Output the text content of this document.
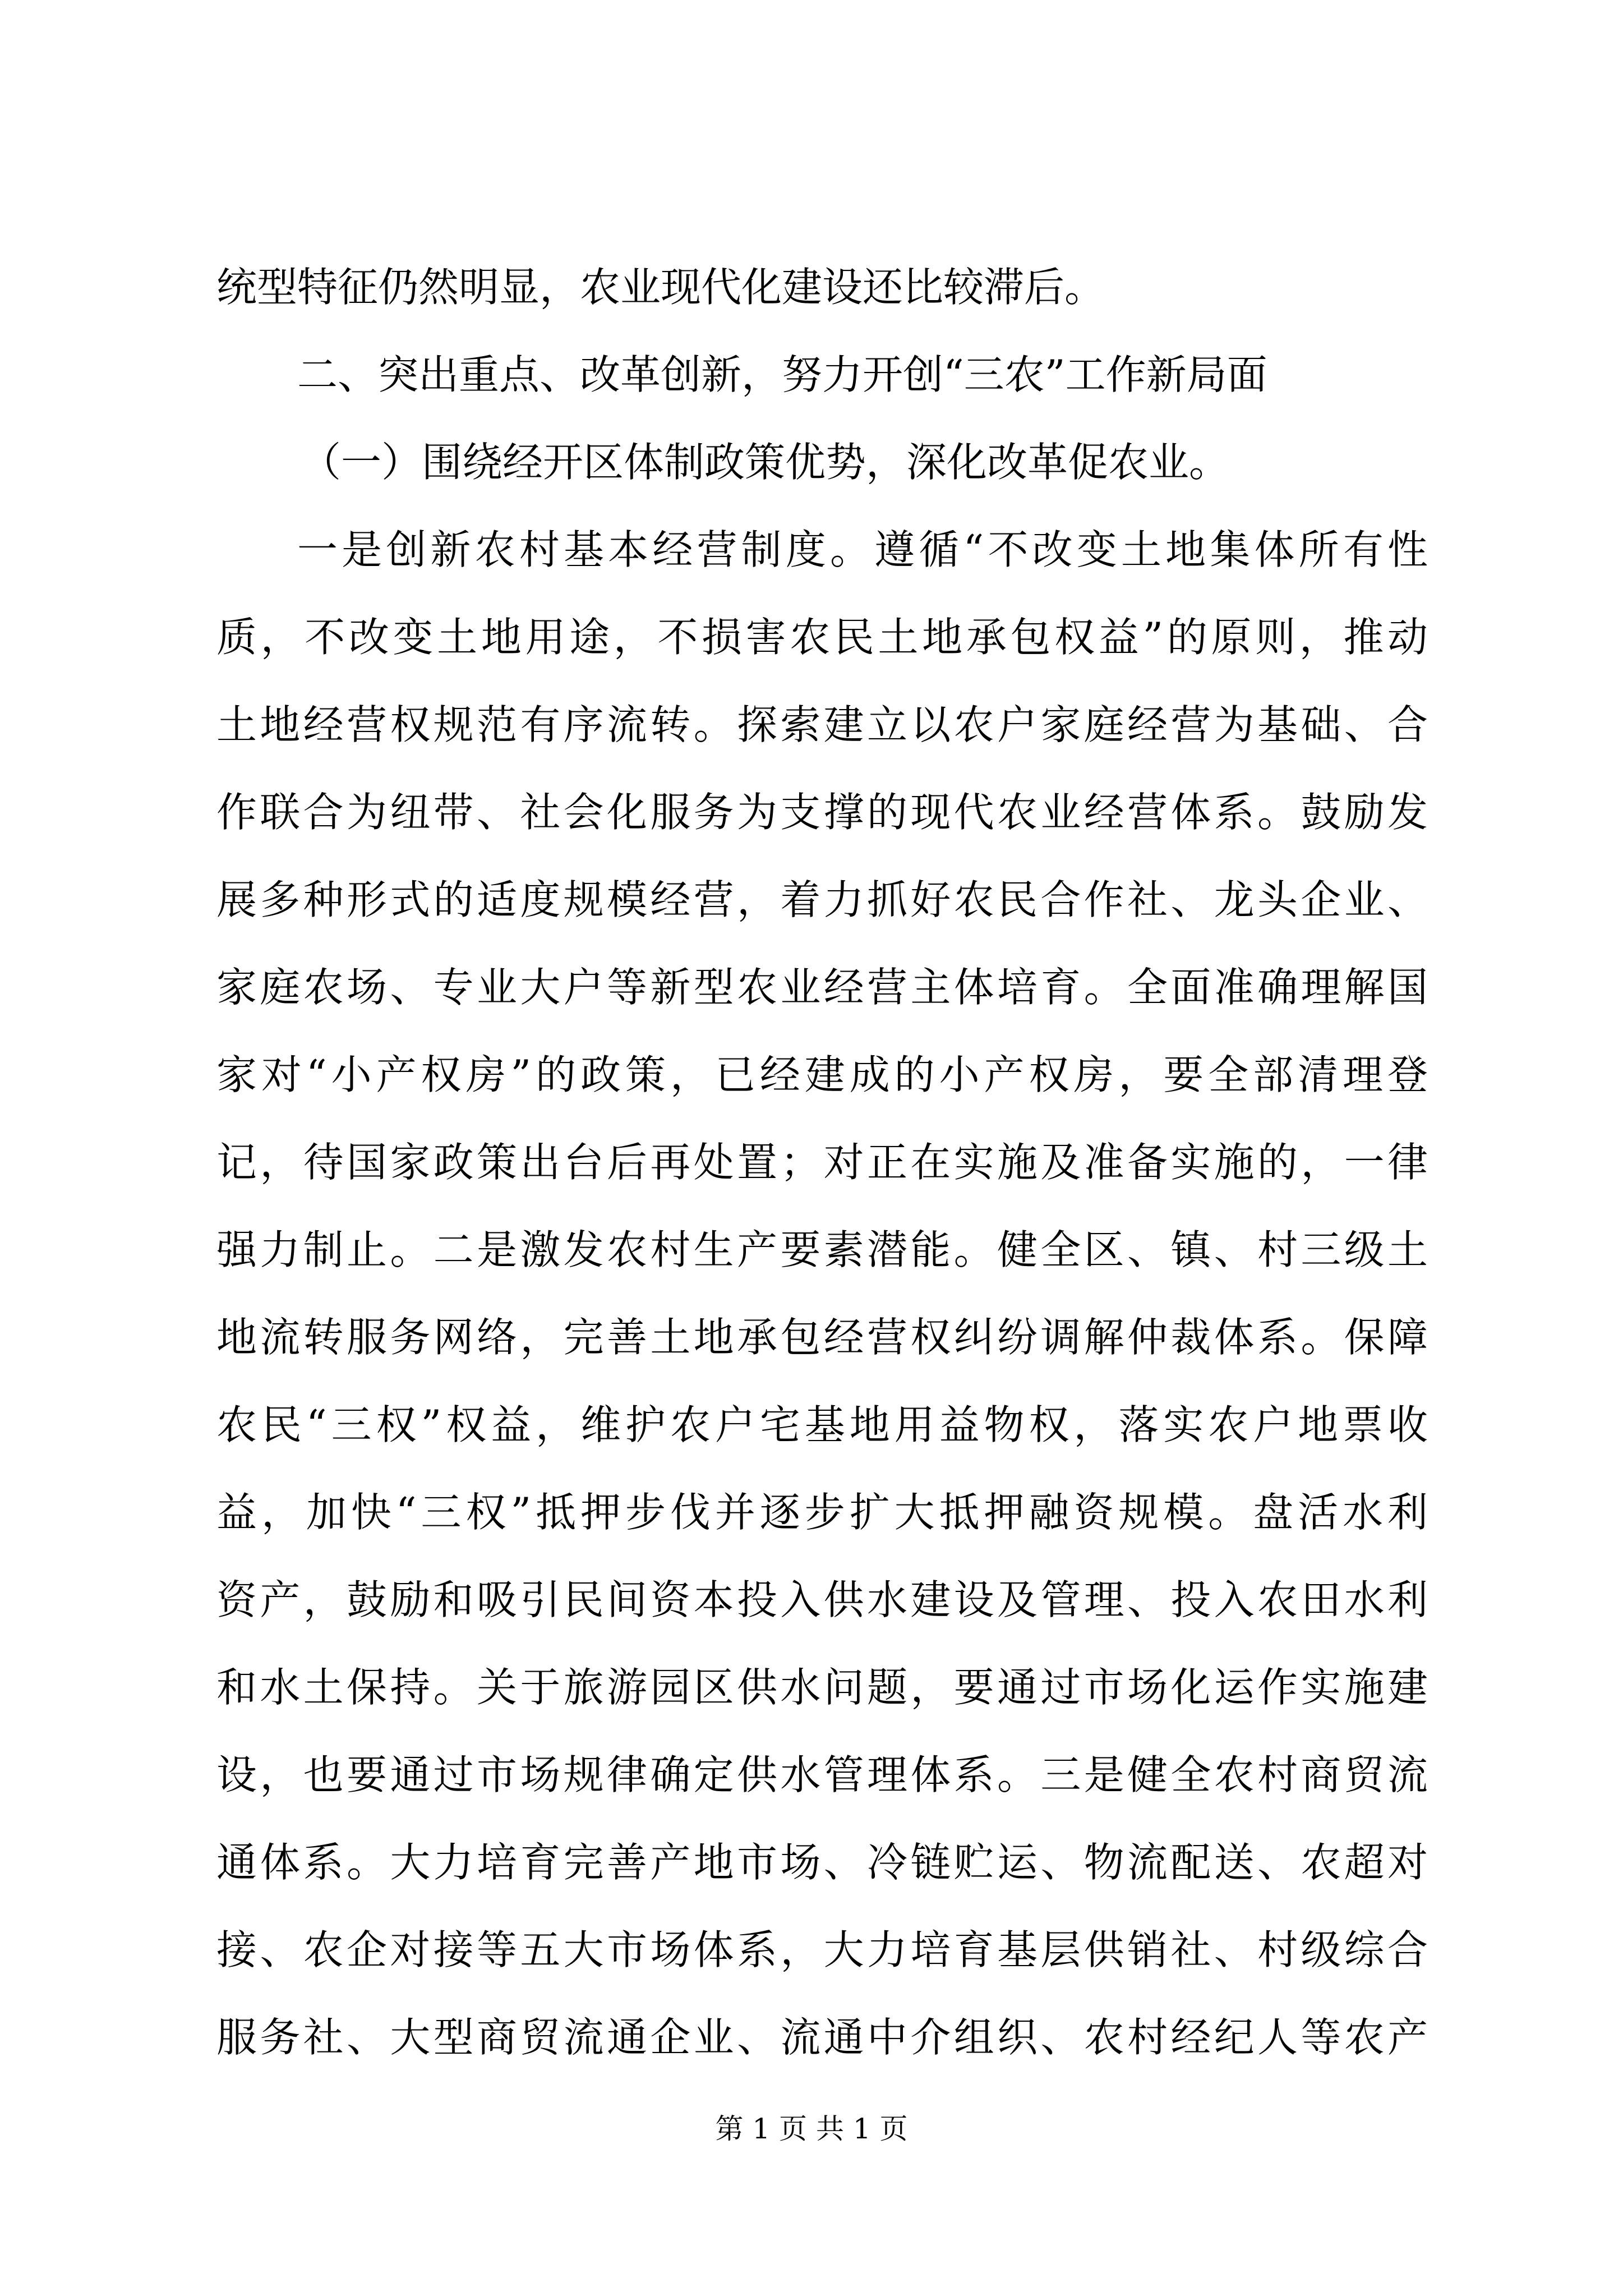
统型特征仍然明显，农业现代化建设还比较滞后。
二、突出重点、改革创新，努力开创“三农”工作新局面
（一）围绕经开区体制政策优势，深化改革促农业。
一是创新农村基本经营制度。遵循“不改变土地集体所有性
质，不改变土地用途，不损害农民土地承包权益”的原则，推动
土地经营权规范有序流转。探索建立以农户家庭经营为基础、合
作联合为纽带、社会化服务为支撑的现代农业经营体系。鼓励发
展多种形式的适度规模经营，着力抓好农民合作社、龙头企业、
家庭农场、专业大户等新型农业经营主体培育。全面准确理解国
家对“小产权房”的政策，已经建成的小产权房，要全部清理登
记，待国家政策出台后再处置；对正在实施及准备实施的，一律
强力制止。二是激发农村生产要素潜能。健全区、镇、村三级土
地流转服务网络，完善土地承包经营权纠纷调解仲裁体系。保障
农民“三权”权益，维护农户宅基地用益物权，落实农户地票收
益，加快“三权”抵押步伐并逐步扩大抵押融资规模。盘活水利
资产，鼓励和吸引民间资本投入供水建设及管理、投入农田水利
和水土保持。关于旅游园区供水问题，要通过市场化运作实施建
设，也要通过市场规律确定供水管理体系。三是健全农村商贸流
通体系。大力培育完善产地市场、冷链贮运、物流配送、农超对
接、农企对接等五大市场体系，大力培育基层供销社、村级综合
服务社、大型商贸流通企业、流通中介组织、农村经纪人等农产
第 1 页 共 1 页
